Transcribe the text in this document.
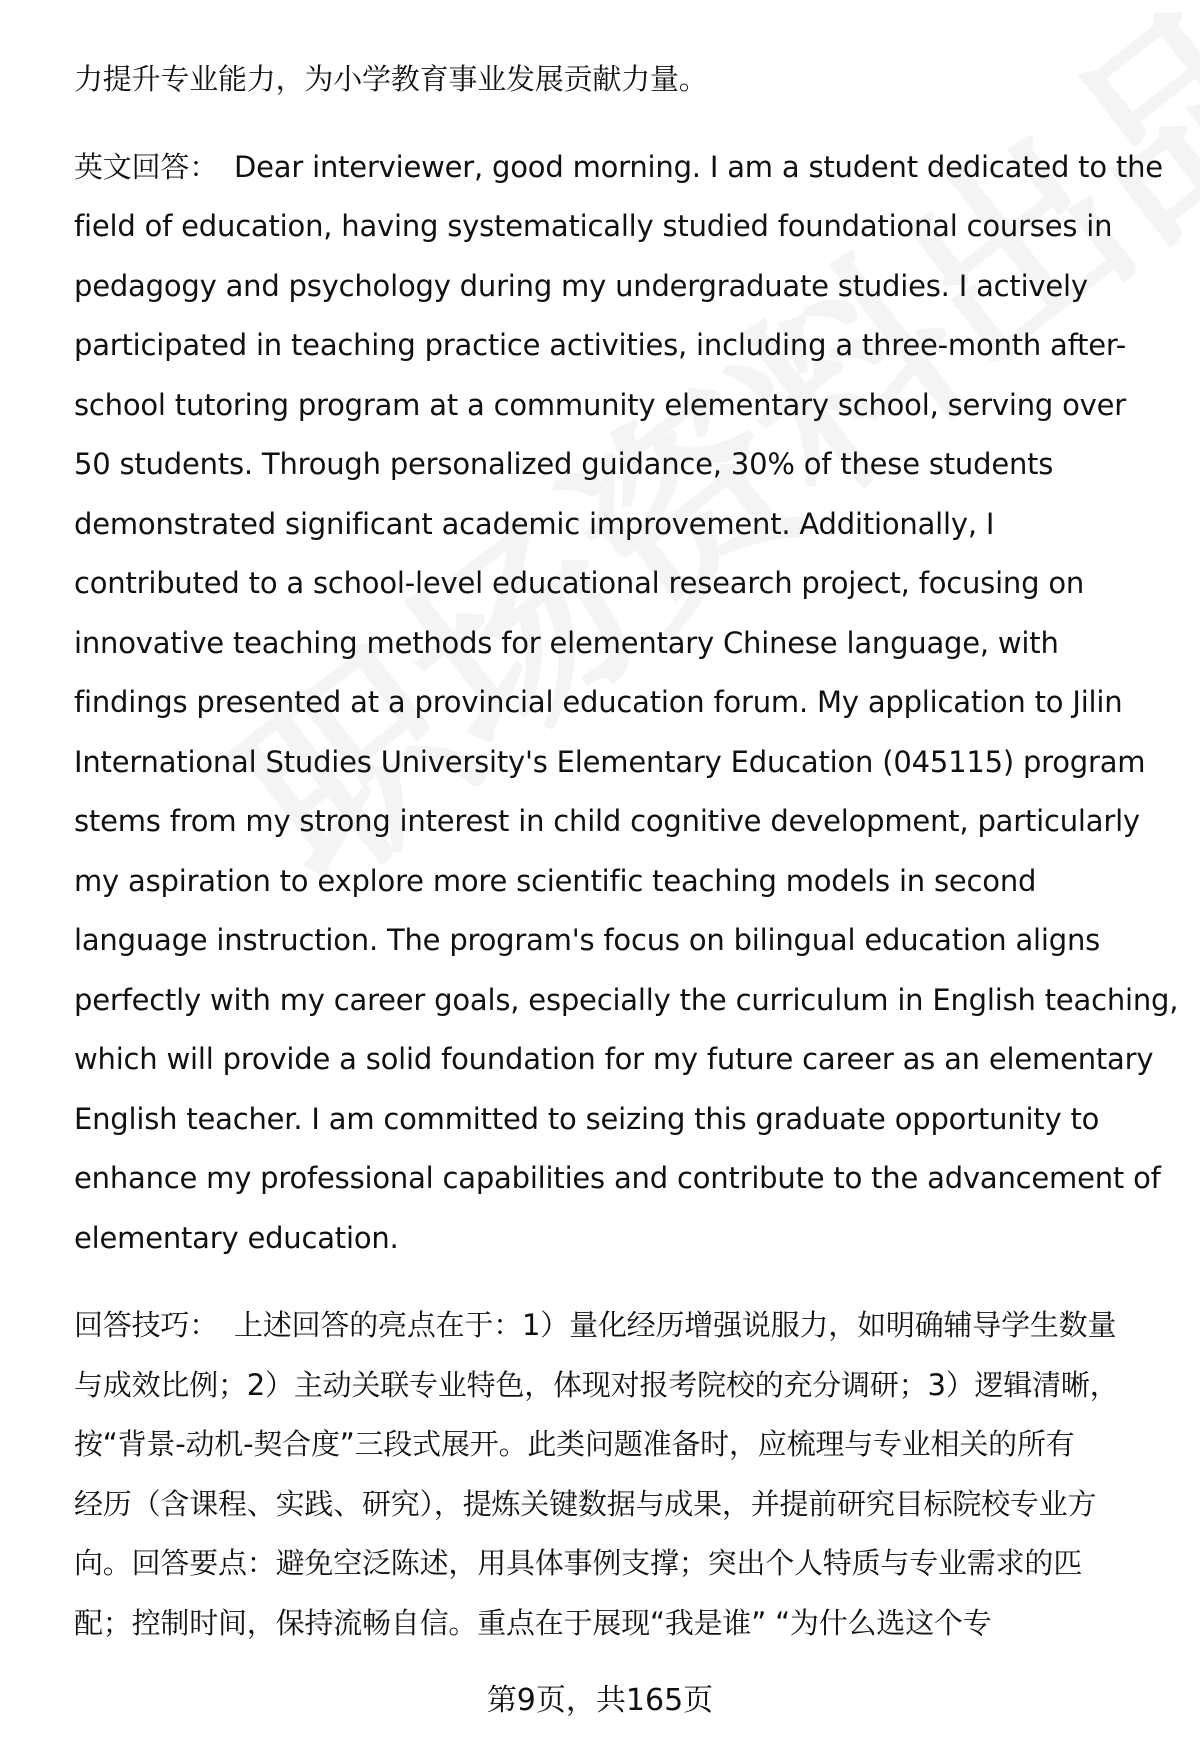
力提升专业能力，为小学教育事业发展贡献力量。
英文回答： Dear interviewer, good morning. I am a student dedicated to the
field of education, having systematically studied foundational courses in
pedagogy and psychology during my undergraduate studies. I actively
participated in teaching practice activities, including a three-month after-
school tutoring program at a community elementary school, serving over
50 students. Through personalized guidance, 30% of these students
demonstrated significant academic improvement. Additionally, I
contributed to a school-level educational research project, focusing on
innovative teaching methods for elementary Chinese language, with
findings presented at a provincial education forum. My application to Jilin
International Studies University's Elementary Education (045115) program
stems from my strong interest in child cognitive development, particularly
my aspiration to explore more scientific teaching models in second
language instruction. The program's focus on bilingual education aligns
perfectly with my career goals, especially the curriculum in English teaching,
which will provide a solid foundation for my future career as an elementary
English teacher. I am committed to seizing this graduate opportunity to
enhance my professional capabilities and contribute to the advancement of
elementary education.
回答技巧： 上述回答的亮点在于：1）量化经历增强说服力，如明确辅导学生数量
与成效比例；2）主动关联专业特色，体现对报考院校的充分调研；3）逻辑清晰，
按“背景-动机-契合度”三段式展开。此类问题准备时，应梳理与专业相关的所有
经历（含课程、实践、研究），提炼关键数据与成果，并提前研究目标院校专业方
向。回答要点：避免空泛陈述，用具体事例支撑；突出个人特质与专业需求的匹
配；控制时间，保持流畅自信。重点在于展现“我是谁” “为什么选这个专
第9页，共165页
